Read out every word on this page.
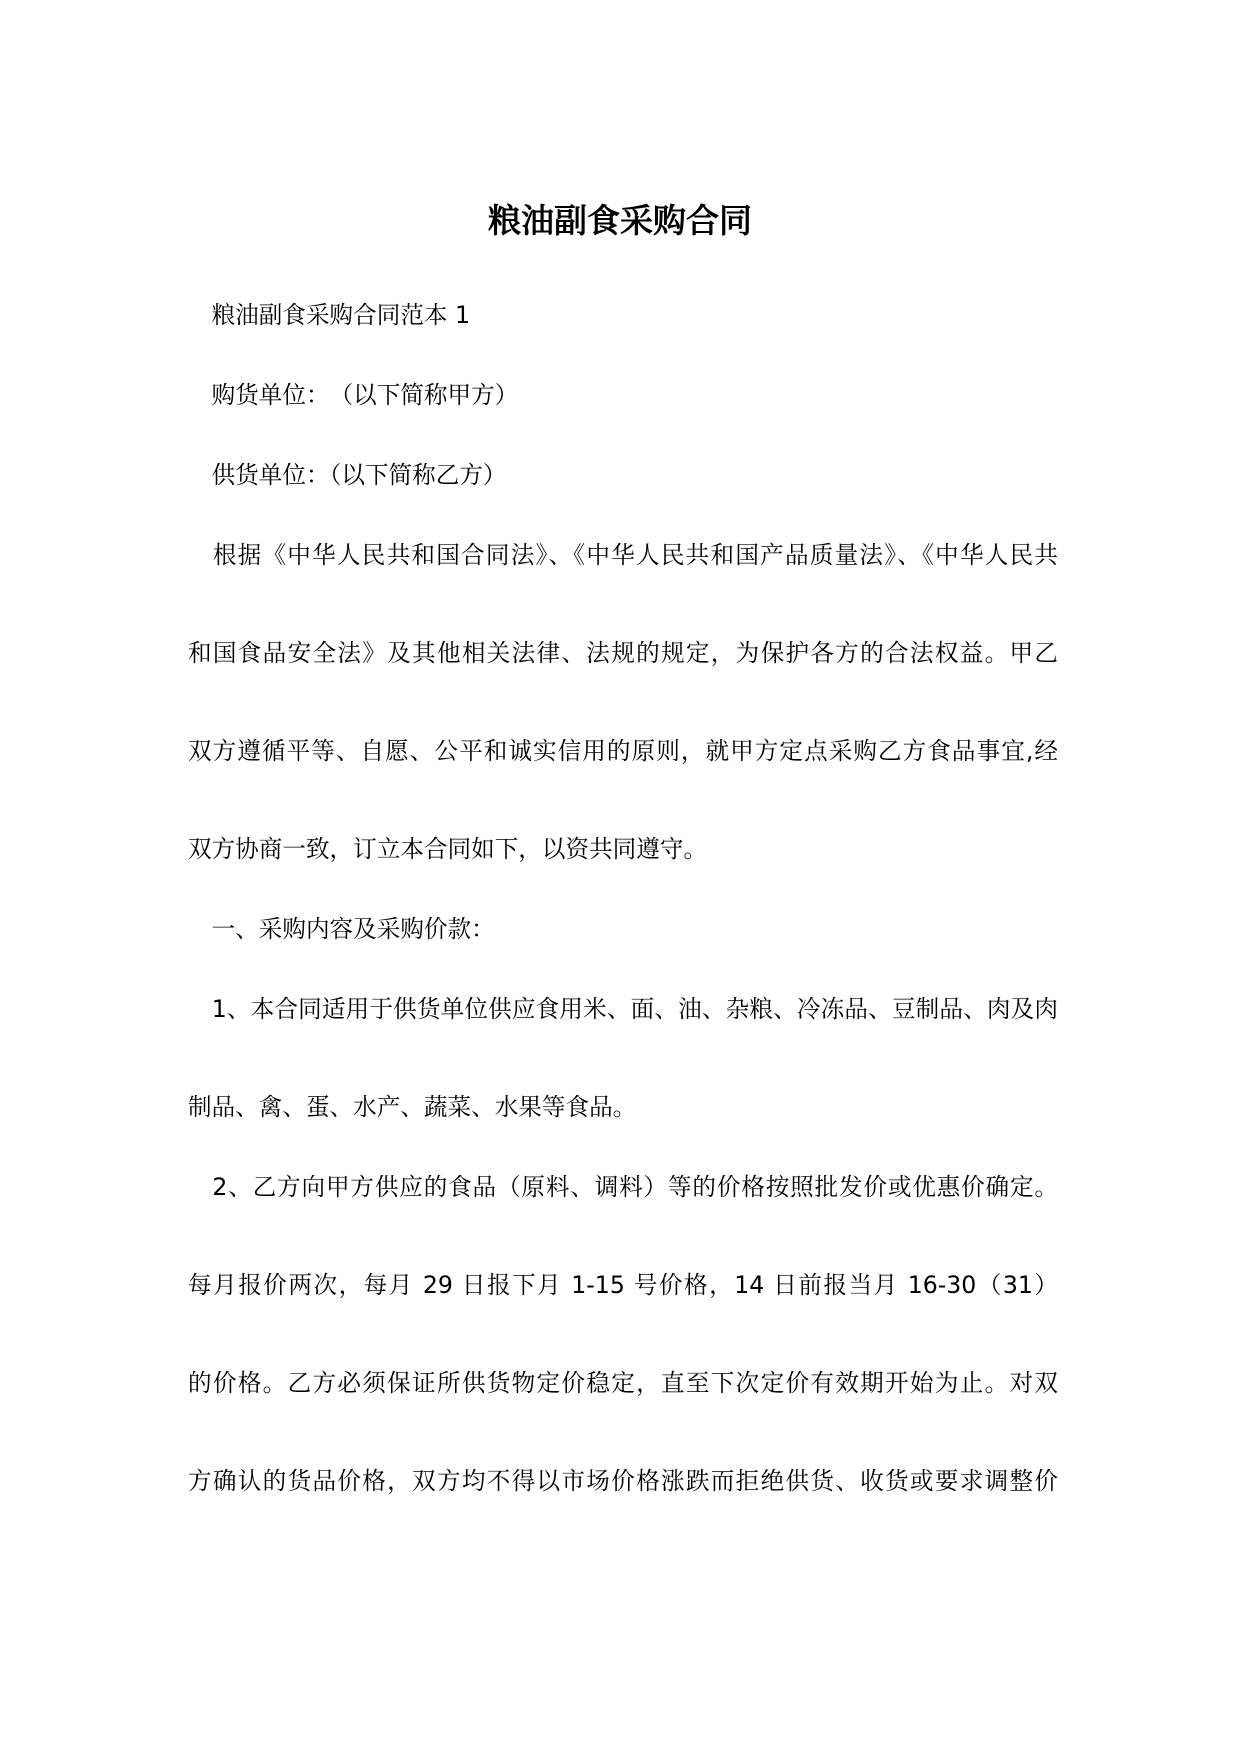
粮油副食采购合同
　粮油副食采购合同范本 1
　购货单位：　（以下简称甲方）
　供货单位：（以下简称乙方）
　根据《中华人民共和国合同法》、《中华人民共和国产品质量法》、《中华人民共
和国食品安全法》及其他相关法律、法规的规定，为保护各方的合法权益。甲乙
双方遵循平等、自愿、公平和诚实信用的原则，就甲方定点采购乙方食品事宜,经
双方协商一致，订立本合同如下，以资共同遵守。
　一、采购内容及采购价款：
　1、本合同适用于供货单位供应食用米、面、油、杂粮、冷冻品、豆制品、肉及肉
制品、禽、蛋、水产、蔬菜、水果等食品。
　2、乙方向甲方供应的食品（原料、调料）等的价格按照批发价或优惠价确定。
每月报价两次，每月 29 日报下月 1-15 号价格，14 日前报当月 16-30（31）
的价格。乙方必须保证所供货物定价稳定，直至下次定价有效期开始为止。对双
方确认的货品价格，双方均不得以市场价格涨跌而拒绝供货、收货或要求调整价
